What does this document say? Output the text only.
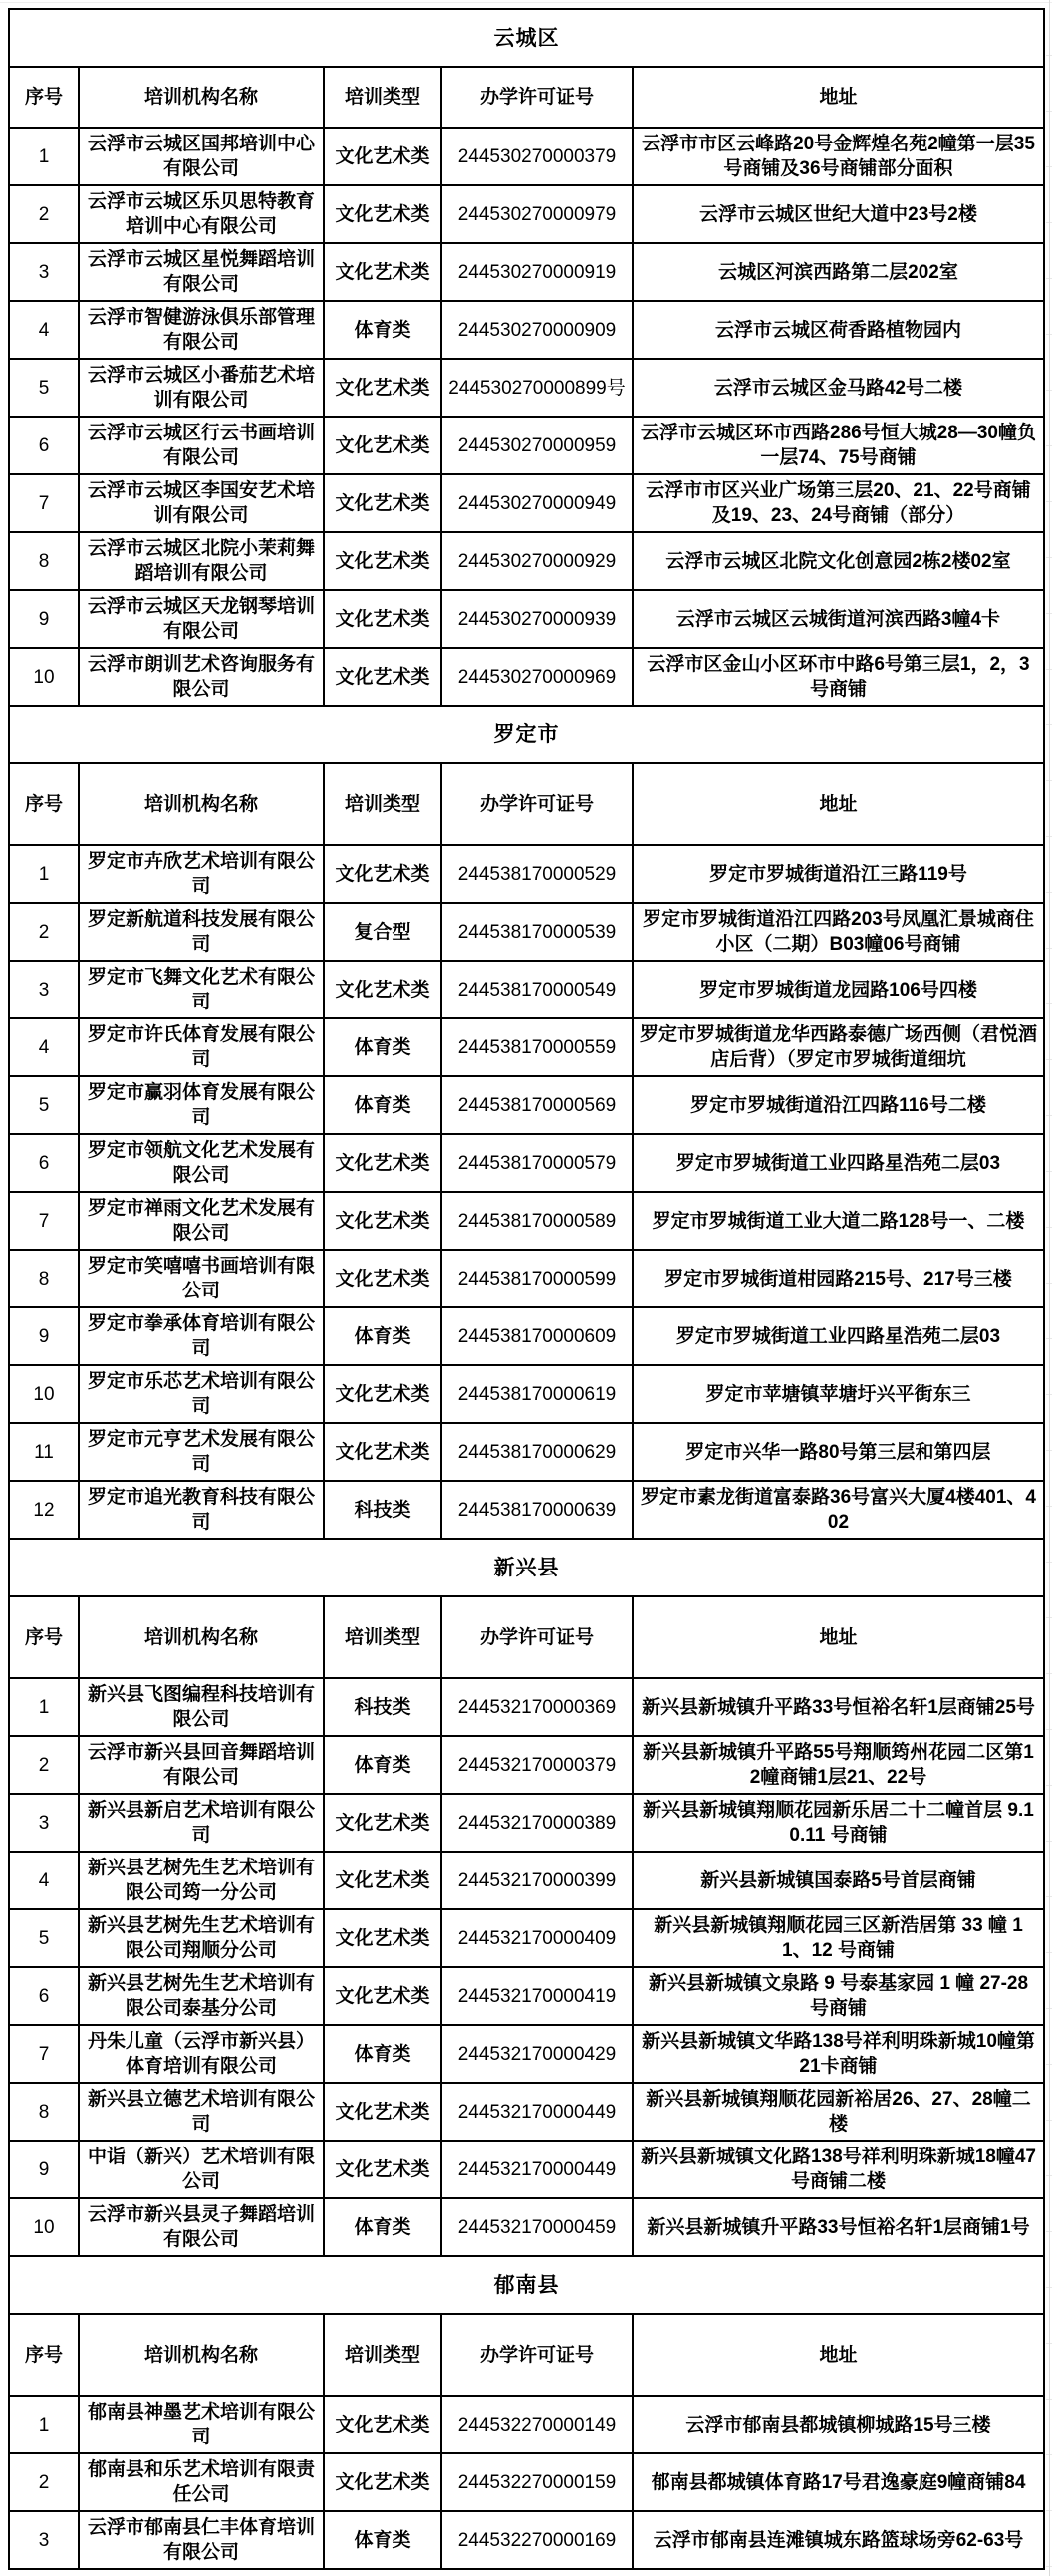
云城区				
序号	培训机构名称	培训类型	办学许可证号	地址
1	云浮市云城区国邦培训中心有限公司	文化艺术类	244530270000379	云浮市市区云峰路20号金辉煌名苑2幢第一层35号商铺及36号商铺部分面积
2	云浮市云城区乐贝思特教育培训中心有限公司	文化艺术类	244530270000979	云浮市云城区世纪大道中23号2楼
3	云浮市云城区星悦舞蹈培训有限公司	文化艺术类	244530270000919	云城区河滨西路第二层202室
4	云浮市智健游泳俱乐部管理有限公司	体育类	244530270000909	云浮市云城区荷香路植物园内
5	云浮市云城区小番茄艺术培训有限公司	文化艺术类	244530270000899号	云浮市云城区金马路42号二楼
6	云浮市云城区行云书画培训有限公司	文化艺术类	244530270000959	云浮市云城区环市西路286号恒大城28—30幢负一层74、75号商铺
7	云浮市云城区李国安艺术培训有限公司	文化艺术类	244530270000949	云浮市市区兴业广场第三层20、21、22号商铺及19、23、24号商铺（部分）
8	云浮市云城区北院小茉莉舞蹈培训有限公司	文化艺术类	244530270000929	云浮市云城区北院文化创意园2栋2楼02室
9	云浮市云城区天龙钢琴培训有限公司	文化艺术类	244530270000939	云浮市云城区云城街道河滨西路3幢4卡
10	云浮市朗训艺术咨询服务有限公司	文化艺术类	244530270000969	云浮市区金山小区环市中路6号第三层1，2，3号商铺
罗定市				
序号	培训机构名称	培训类型	办学许可证号	地址
1	罗定市卉欣艺术培训有限公司	文化艺术类	244538170000529	罗定市罗城街道沿江三路119号
2	罗定新航道科技发展有限公司	复合型	244538170000539	罗定市罗城街道沿江四路203号凤凰汇景城商住小区（二期）B03幢06号商铺
3	罗定市飞舞文化艺术有限公司	文化艺术类	244538170000549	罗定市罗城街道龙园路106号四楼
4	罗定市许氏体育发展有限公司	体育类	244538170000559	罗定市罗城街道龙华西路泰德广场西侧（君悦酒店后背）（罗定市罗城街道细坑
5	罗定市赢羽体育发展有限公司	体育类	244538170000569	罗定市罗城街道沿江四路116号二楼
6	罗定市领航文化艺术发展有限公司	文化艺术类	244538170000579	罗定市罗城街道工业四路星浩苑二层03
7	罗定市禅雨文化艺术发展有限公司	文化艺术类	244538170000589	罗定市罗城街道工业大道二路128号一、二楼
8	罗定市笑嘻嘻书画培训有限公司	文化艺术类	244538170000599	罗定市罗城街道柑园路215号、217号三楼
9	罗定市拳承体育培训有限公司	体育类	244538170000609	罗定市罗城街道工业四路星浩苑二层03
10	罗定市乐芯艺术培训有限公司	文化艺术类	244538170000619	罗定市苹塘镇苹塘圩兴平街东三
11	罗定市元亨艺术发展有限公司	文化艺术类	244538170000629	罗定市兴华一路80号第三层和第四层
12	罗定市追光教育科技有限公司	科技类	244538170000639	罗定市素龙街道富泰路36号富兴大厦4楼401、402
新兴县				
序号	培训机构名称	培训类型	办学许可证号	地址
1	新兴县飞图编程科技培训有限公司	科技类	244532170000369	新兴县新城镇升平路33号恒裕名轩1层商铺25号
2	云浮市新兴县回音舞蹈培训有限公司	体育类	244532170000379	新兴县新城镇升平路55号翔顺筠州花园二区第12幢商铺1层21、22号
3	新兴县新启艺术培训有限公司	文化艺术类	244532170000389	新兴县新城镇翔顺花园新乐居二十二幢首层 9.10.11 号商铺
4	新兴县艺树先生艺术培训有限公司筠一分公司	文化艺术类	244532170000399	新兴县新城镇国泰路5号首层商铺
5	新兴县艺树先生艺术培训有限公司翔顺分公司	文化艺术类	244532170000409	新兴县新城镇翔顺花园三区新浩居第 33 幢 11、12 号商铺
6	新兴县艺树先生艺术培训有限公司泰基分公司	文化艺术类	244532170000419	新兴县新城镇文泉路 9 号泰基家园 1 幢 27-28 号商铺
7	丹朱儿童（云浮市新兴县）体育培训有限公司	体育类	244532170000429	新兴县新城镇文华路138号祥利明珠新城10幢第21卡商铺
8	新兴县立德艺术培训有限公司	文化艺术类	244532170000449	新兴县新城镇翔顺花园新裕居26、27、28幢二楼
9	中诣（新兴）艺术培训有限公司	文化艺术类	244532170000449	新兴县新城镇文化路138号祥利明珠新城18幢47号商铺二楼
10	云浮市新兴县灵子舞蹈培训有限公司	体育类	244532170000459	新兴县新城镇升平路33号恒裕名轩1层商铺1号
郁南县				
序号	培训机构名称	培训类型	办学许可证号	地址
1	郁南县神墨艺术培训有限公司	文化艺术类	244532270000149	云浮市郁南县都城镇柳城路15号三楼
2	郁南县和乐艺术培训有限责任公司	文化艺术类	244532270000159	郁南县都城镇体育路17号君逸豪庭9幢商铺84
3	云浮市郁南县仁丰体育培训有限公司	体育类	244532270000169	云浮市郁南县连滩镇城东路篮球场旁62-63号
